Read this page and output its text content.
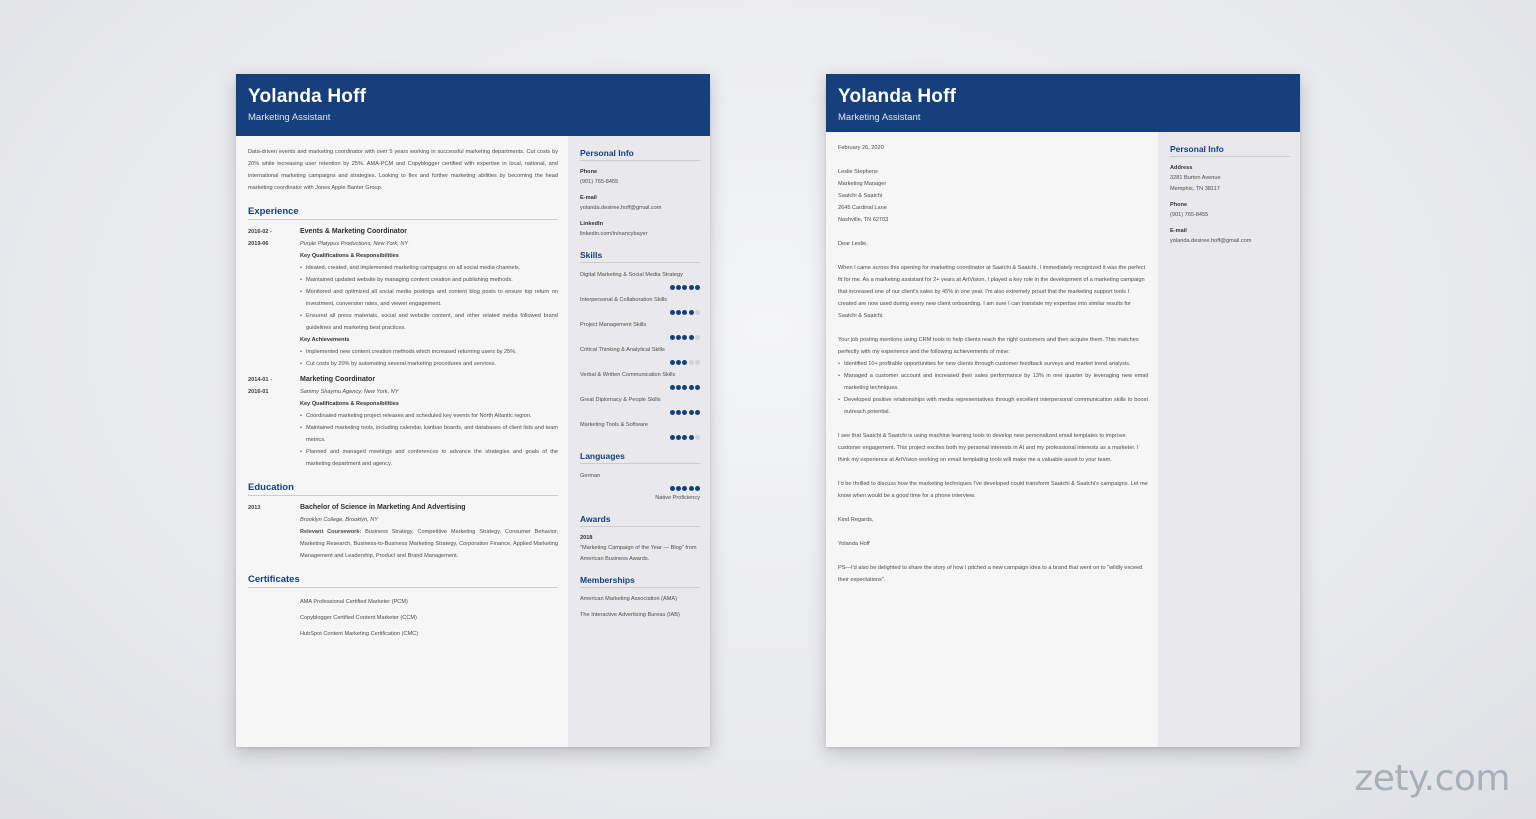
Yolanda Hoff
Marketing Assistant
Data-driven events and marketing coordinator with over 5 years working in successful marketing departments. Cut costs by 20% while increasing user retention by 25%. AMA-PCM and Copyblogger certified with expertise in local, national, and international marketing campaigns and strategies. Looking to flex and further marketing abilities by becoming the head marketing coordinator with Jones Apple Banter Group.
Experience
2016-02 -
2019-06
Events & Marketing Coordinator
Purple Platypus Productions, New York, NY
Key Qualifications & Responsibilities
• Ideated, created, and implemented marketing campaigns on all social media channels.
• Maintained updated website by managing content creation and publishing methods.
• Monitored and optimized all social media postings and content blog posts to ensure top return on investment, conversion rates, and viewer engagement.
• Ensured all press materials, social and website content, and other related media followed brand guidelines and marketing best practices.
Key Achievements
• Implemented new content creation methods which increased returning users by 25%.
• Cut costs by 20% by automating several marketing procedures and services.
2014-01 -
2016-01
Marketing Coordinator
Sammy Shaymu Agency, New York, NY
Key Qualifications & Responsibilities
• Coordinated marketing project releases and scheduled key events for North Atlantic region.
• Maintained marketing tools, including calendar, kanban boards, and databases of client lists and team metrics.
• Planned and managed meetings and conferences to advance the strategies and goals of the marketing department and agency.
Education
2013	Bachelor of Science in Marketing And Advertising
Brooklyn College, Brooklyn, NY
Relevant Coursework: Business Strategy, Competitive Marketing Strategy, Consumer Behavior, Marketing Research, Business-to-Business Marketing Strategy, Corporation Finance, Applied Marketing Management and Leadership, Product and Brand Management.
Certificates
AMA Professional Certified Marketer (PCM)
Copyblogger Certified Content Marketer (CCM)
HubSpot Content Marketing Certification (CMC)
Personal Info
Phone
(901) 765-8455
E-mail
yolanda.desiree.hoff@gmail.com
LinkedIn
linkedin.com/in/nancybayer
Skills
Digital Marketing & Social Media Strategy
Interpersonal & Collaboration Skills
Project Management Skills
Critical Thinking & Analytical Skills
Verbal & Written Communication Skills
Great Diplomacy & People Skills
Marketing Tools & Software
Languages
German
Native Proficiency
Awards
2018
"Marketing Campaign of the Year — Blog" from American Business Awards.
Memberships
American Marketing Association (AMA)
The Interactive Advertising Bureau (IAB)
Yolanda Hoff
Marketing Assistant

February 26, 2020

Leslie Stephens
Marketing Manager
Saatchi & Saatchi
2645 Cardinal Lane
Nashville, TN 62703

Dear Leslie,

When I came across this opening for marketing coordinator at Saatchi & Saatchi, I immediately recognized it was the perfect fit for me. As a marketing assistant for 2+ years at ArtVision, I played a key role in the development of a marketing campaign that increased one of our client's sales by 45% in one year. I'm also extremely proud that the marketing support tools I created are now used during every new client onboarding. I am sure I can translate my expertise into similar results for Saatchi & Saatchi.

Your job posting mentions using CRM tools to help clients reach the right customers and then acquire them. This matches perfectly with my experience and the following achievements of mine:
• Identified 10+ profitable opportunities for new clients through customer feedback surveys and market trend analysis.
• Managed a customer account and increased their sales performance by 13% in one quarter by leveraging new email marketing techniques.
• Developed positive relationships with media representatives through excellent interpersonal communication skills to boost outreach potential.

I see that Saatchi & Saatchi is using machine learning tools to develop new personalized email templates to improve customer engagement. This project excites both my personal interests in AI and my professional interests as a marketer. I think my experience at ArtVision working on email templating tools will make me a valuable asset to your team.

I'd be thrilled to discuss how the marketing techniques I've developed could transform Saatchi & Saatchi's campaigns. Let me know when would be a good time for a phone interview.

Kind Regards,

Yolanda Hoff

PS—I'd also be delighted to share the story of how I pitched a new campaign idea to a brand that went on to "wildly exceed their expectations".

Personal Info
Address
3281 Burton Avenue
Memphis, TN 38117
Phone
(901) 765-8455
E-mail
yolanda.desiree.hoff@gmail.com
zety.com
